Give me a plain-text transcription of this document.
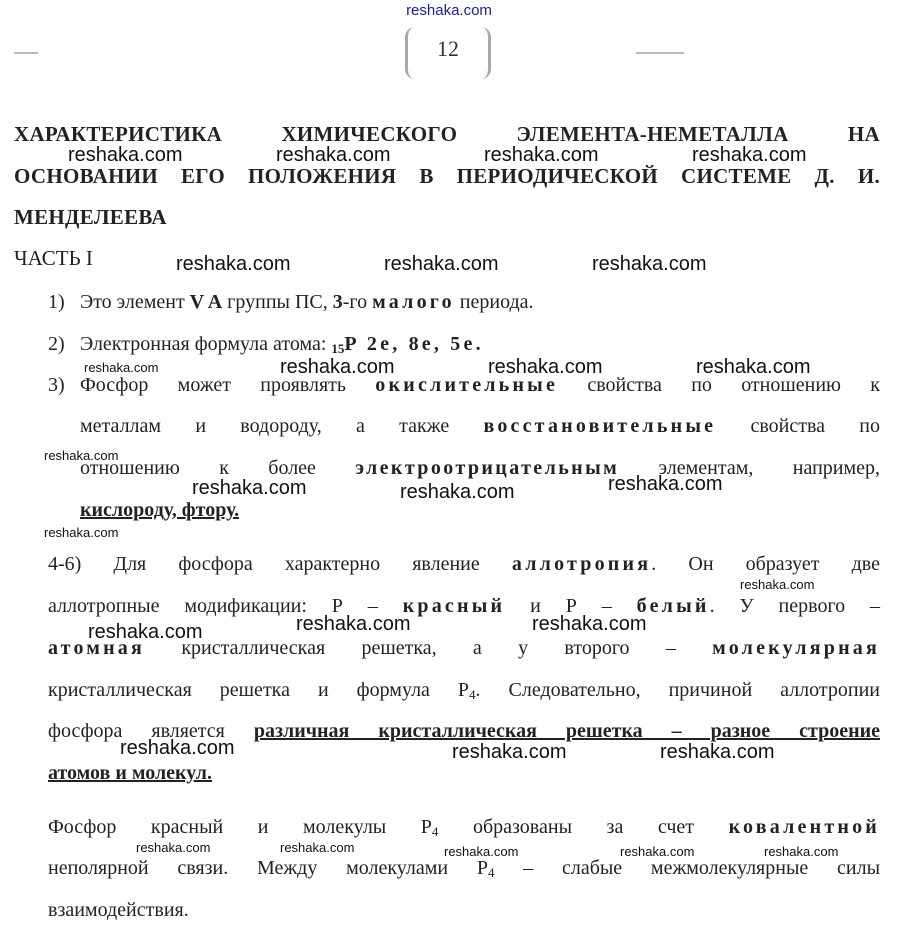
reshaka.com
12
ХАРАКТЕРИСТИКА	ХИМИЧЕСКОГО	ЭЛЕМЕНТА-НЕМЕТАЛЛА	НА
ОСНОВАНИИ ЕГО ПОЛОЖЕНИЯ В ПЕРИОДИЧЕСКОЙ СИСТЕМЕ Д. И.
МЕНДЕЛЕЕВА
ЧАСТЬ I
1) Это элемент V A группы ПС, 3-го малого периода.
2) Электронная формула атома: $_{15}$P 2e, 8e, 5e.
3) Фосфор может проявлять окислительные свойства по отношению к
металлам и водороду, а также восстановительные свойства по
отношению к более электроотрицательным элементам, например,
кислороду, фтору.
4-6) Для фосфора характерно явление аллотропия. Он образует две
аллотропные модификации: Р – красный и Р – белый. У первого –
атомная кристаллическая решетка, а у второго – молекулярная
кристаллическая решетка и формула $Р_4$. Следовательно, причиной аллотропии
фосфора является различная кристаллическая решетка – разное строение
атомов и молекул.
Фосфор красный и молекулы $Р_4$ образованы за счет ковалентной
неполярной связи. Между молекулами $Р_4$ – слабые межмолекулярные силы
взаимодействия.
reshaka.com	reshaka.com	reshaka.com	reshaka.com
reshaka.com	reshaka.com	reshaka.com
reshaka.com	reshaka.com	reshaka.com	reshaka.com
reshaka.com
reshaka.com	reshaka.com	reshaka.com
reshaka.com
reshaka.com
reshaka.com	reshaka.com	reshaka.com
reshaka.com	reshaka.com	reshaka.com
reshaka.com	reshaka.com	reshaka.com	reshaka.com	reshaka.com
